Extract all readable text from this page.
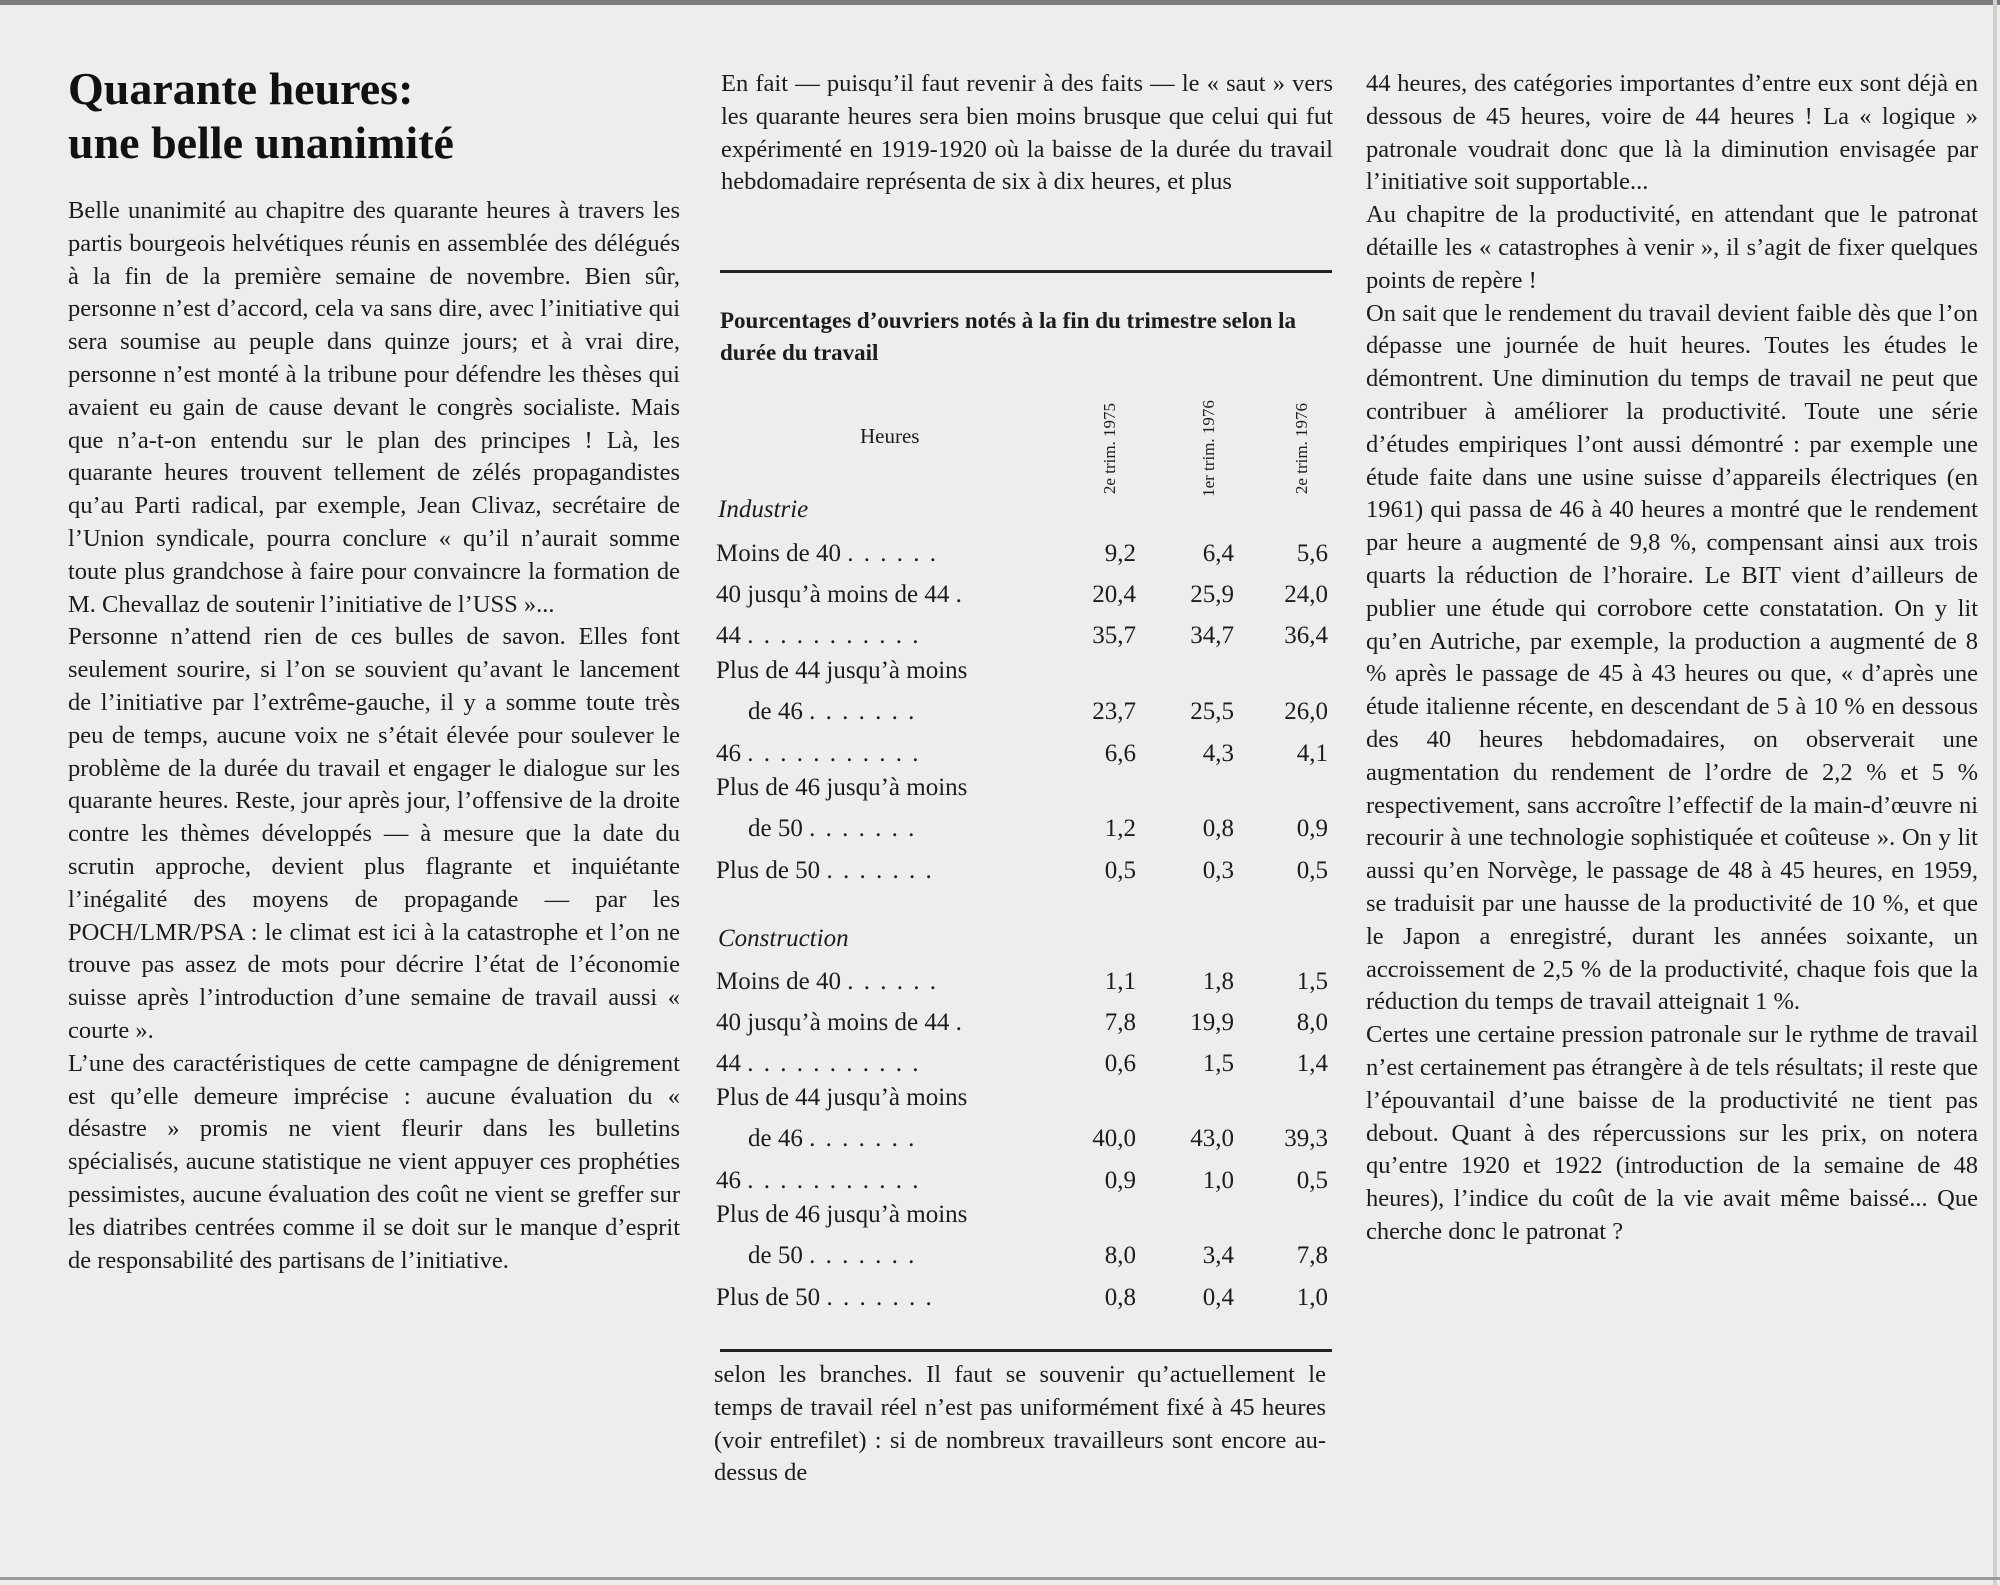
Quarante heures:
une belle unanimité

Belle unanimité au chapitre des quarante heures à travers les partis bourgeois helvétiques réunis en assemblée des délégués à la fin de la première semaine de novembre. Bien sûr, personne n’est d’accord, cela va sans dire, avec l’initiative qui sera soumise au peuple dans quinze jours; et à vrai dire, personne n’est monté à la tribune pour défendre les thèses qui avaient eu gain de cause devant le congrès socialiste. Mais que n’a-t-on entendu sur le plan des principes ! Là, les quarante heures trouvent tellement de zélés propagandistes qu’au Parti radical, par exemple, Jean Clivaz, secrétaire de l’Union syndicale, pourra conclure « qu’il n’aurait somme toute plus grandchose à faire pour convaincre la formation de M. Chevallaz de soutenir l’initiative de l’USS »...

Personne n’attend rien de ces bulles de savon. Elles font seulement sourire, si l’on se souvient qu’avant le lancement de l’initiative par l’extrême-gauche, il y a somme toute très peu de temps, aucune voix ne s’était élevée pour soulever le problème de la durée du travail et engager le dialogue sur les quarante heures. Reste, jour après jour, l’offensive de la droite contre les thèmes développés — à mesure que la date du scrutin approche, devient plus flagrante et inquiétante l’inégalité des moyens de propagande — par les POCH/LMR/PSA : le climat est ici à la catastrophe et l’on ne trouve pas assez de mots pour décrire l’état de l’économie suisse après l’introduction d’une semaine de travail aussi « courte ».

L’une des caractéristiques de cette campagne de dénigrement est qu’elle demeure imprécise : aucune évaluation du « désastre » promis ne vient fleurir dans les bulletins spécialisés, aucune statistique ne vient appuyer ces prophéties pessimistes, aucune évaluation des coût ne vient se greffer sur les diatribes centrées comme il se doit sur le manque d’esprit de responsabilité des partisans de l’initiative.

En fait — puisqu’il faut revenir à des faits — le « saut » vers les quarante heures sera bien moins brusque que celui qui fut expérimenté en 1919-1920 où la baisse de la durée du travail hebdomadaire représenta de six à dix heures, et plus

Pourcentages d’ouvriers notés à la fin du trimestre selon la durée du travail
Heures	2e trim. 1975	1er trim. 1976	2e trim. 1976
Industrie
Moins de 40 . . . . . .	9,2	6,4	5,6
40 jusqu’à moins de 44 .	20,4	25,9	24,0
44 . . . . . . . . . . .	35,7	34,7	36,4
Plus de 44 jusqu’à moins
de 46 . . . . . . .	23,7	25,5	26,0
46 . . . . . . . . . . .	6,6	4,3	4,1
Plus de 46 jusqu’à moins
de 50 . . . . . . .	1,2	0,8	0,9
Plus de 50 . . . . . . .	0,5	0,3	0,5
Construction
Moins de 40 . . . . . .	1,1	1,8	1,5
40 jusqu’à moins de 44 .	7,8	19,9	8,0
44 . . . . . . . . . . .	0,6	1,5	1,4
Plus de 44 jusqu’à moins
de 46 . . . . . . .	40,0	43,0	39,3
46 . . . . . . . . . . .	0,9	1,0	0,5
Plus de 46 jusqu’à moins
de 50 . . . . . . .	8,0	3,4	7,8
Plus de 50 . . . . . . .	0,8	0,4	1,0

selon les branches. Il faut se souvenir qu’actuellement le temps de travail réel n’est pas uniformément fixé à 45 heures (voir entrefilet) : si de nombreux travailleurs sont encore au-dessus de

44 heures, des catégories importantes d’entre eux sont déjà en dessous de 45 heures, voire de 44 heures ! La « logique » patronale voudrait donc que là la diminution envisagée par l’initiative soit supportable...

Au chapitre de la productivité, en attendant que le patronat détaille les « catastrophes à venir », il s’agit de fixer quelques points de repère !

On sait que le rendement du travail devient faible dès que l’on dépasse une journée de huit heures. Toutes les études le démontrent. Une diminution du temps de travail ne peut que contribuer à améliorer la productivité. Toute une série d’études empiriques l’ont aussi démontré : par exemple une étude faite dans une usine suisse d’appareils électriques (en 1961) qui passa de 46 à 40 heures a montré que le rendement par heure a augmenté de 9,8 %, compensant ainsi aux trois quarts la réduction de l’horaire. Le BIT vient d’ailleurs de publier une étude qui corrobore cette constatation. On y lit qu’en Autriche, par exemple, la production a augmenté de 8 % après le passage de 45 à 43 heures ou que, « d’après une étude italienne récente, en descendant de 5 à 10 % en dessous des 40 heures hebdomadaires, on observerait une augmentation du rendement de l’ordre de 2,2 % et 5 % respectivement, sans accroître l’effectif de la main-d’œuvre ni recourir à une technologie sophistiquée et coûteuse ». On y lit aussi qu’en Norvège, le passage de 48 à 45 heures, en 1959, se traduisit par une hausse de la productivité de 10 %, et que le Japon a enregistré, durant les années soixante, un accroissement de 2,5 % de la productivité, chaque fois que la réduction du temps de travail atteignait 1 %.

Certes une certaine pression patronale sur le rythme de travail n’est certainement pas étrangère à de tels résultats; il reste que l’épouvantail d’une baisse de la productivité ne tient pas debout. Quant à des répercussions sur les prix, on notera qu’entre 1920 et 1922 (introduction de la semaine de 48 heures), l’indice du coût de la vie avait même baissé... Que cherche donc le patronat ?
